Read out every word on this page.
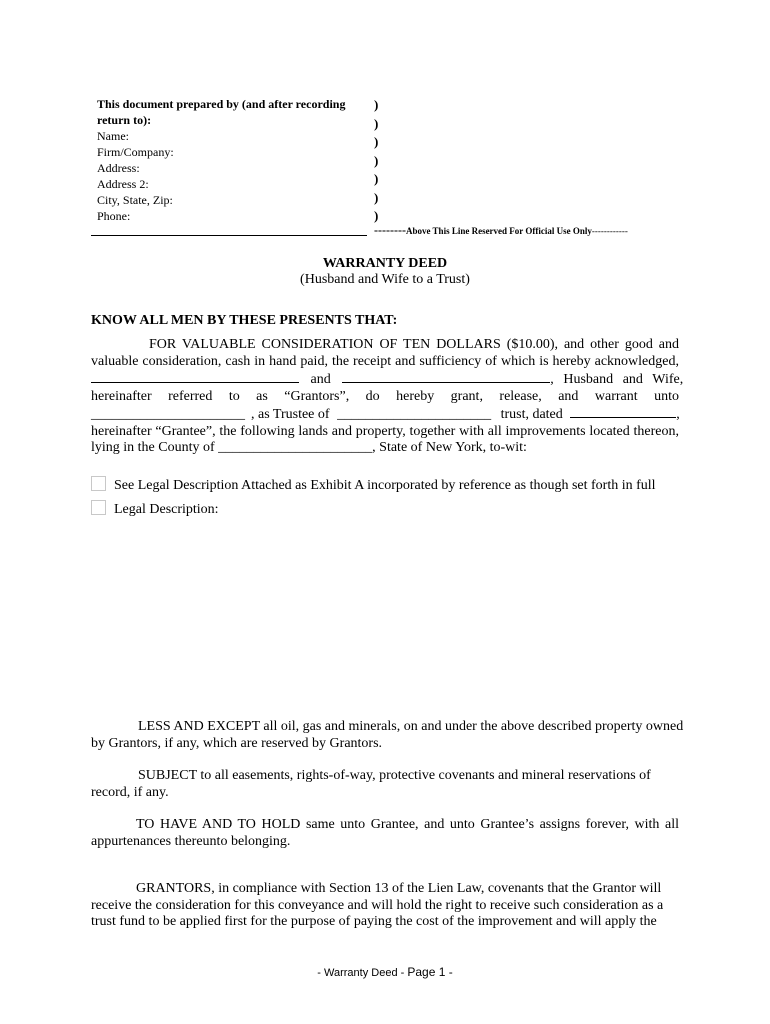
This document prepared by (and after recording
return to):
Name:
Firm/Company:
Address:
Address 2:
City, State, Zip:
Phone:
)
)
)
)
)
)
)
--------Above This Line Reserved For Official Use Only------------
WARRANTY DEED
(Husband and Wife to a Trust)
KNOW ALL MEN BY THESE PRESENTS THAT:
FOR VALUABLE CONSIDERATION OF TEN DOLLARS ($10.00), and other good and
valuable consideration, cash in hand paid, the receipt and sufficiency of which is hereby acknowledged,
and	, Husband and Wife,
hereinafter referred to as “Grantors”, do hereby grant, release, and warrant unto
______________________ , as Trustee of ______________________ trust, dated	,
hereinafter “Grantee”, the following lands and property, together with all improvements located thereon,
lying in the County of ______________________, State of New York, to-wit:
See Legal Description Attached as Exhibit A incorporated by reference as though set forth in full
Legal Description:
LESS AND EXCEPT all oil, gas and minerals, on and under the above described property owned
by Grantors, if any, which are reserved by Grantors.
SUBJECT to all easements, rights-of-way, protective covenants and mineral reservations of
record, if any.
TO HAVE AND TO HOLD same unto Grantee, and unto Grantee’s assigns forever, with all
appurtenances thereunto belonging.
GRANTORS, in compliance with Section 13 of the Lien Law, covenants that the Grantor will
receive the consideration for this conveyance and will hold the right to receive such consideration as a
trust fund to be applied first for the purpose of paying the cost of the improvement and will apply the
- Warranty Deed - Page 1 -
